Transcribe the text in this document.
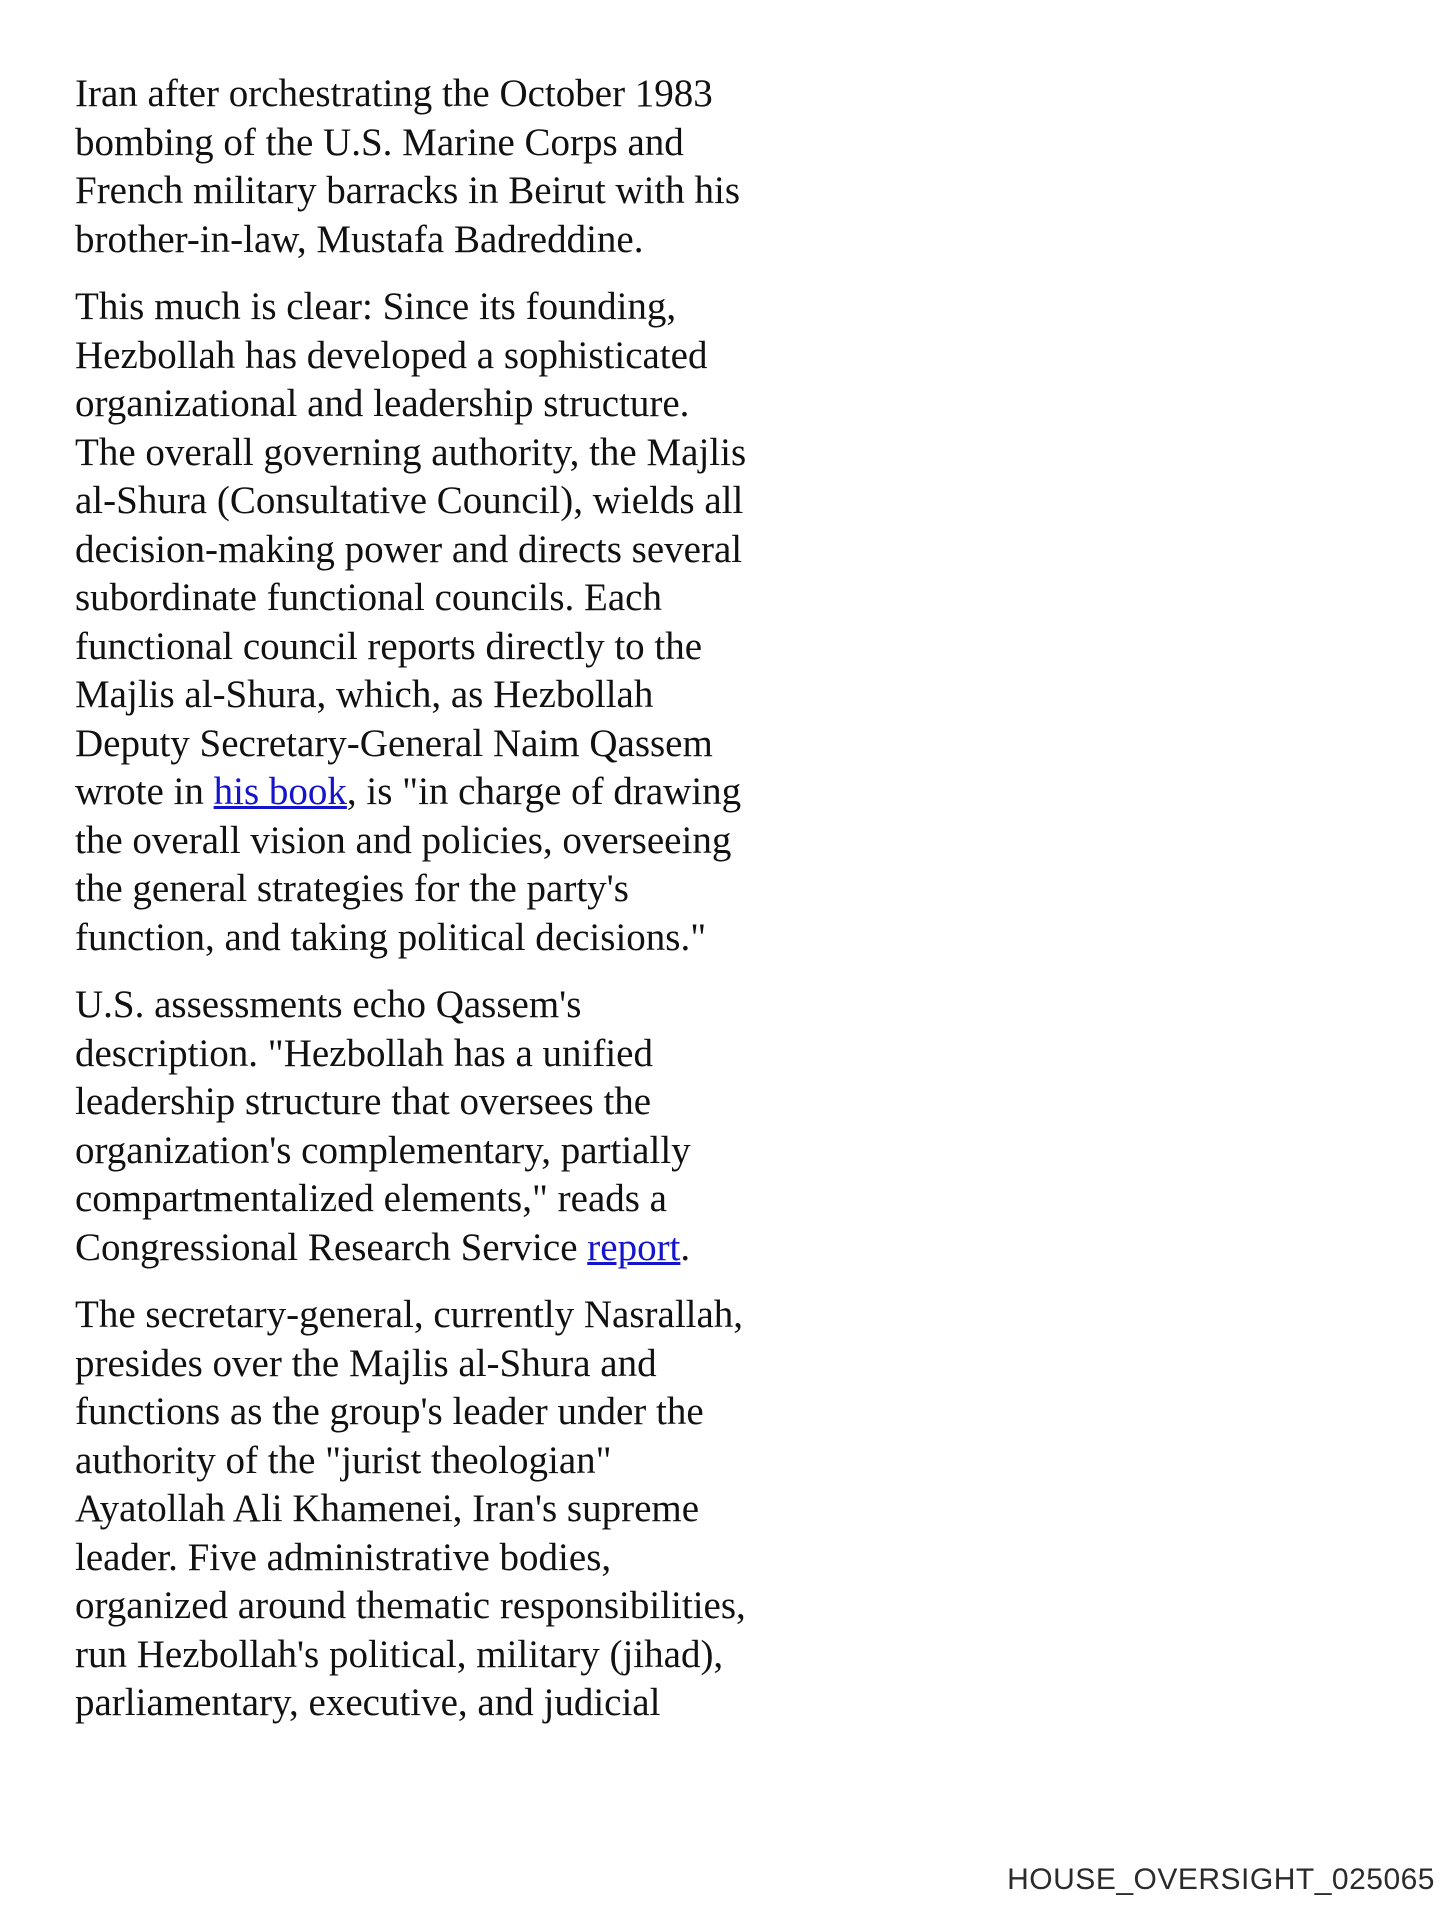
Iran after orchestrating the October 1983
bombing of the U.S. Marine Corps and
French military barracks in Beirut with his
brother-in-law, Mustafa Badreddine.

This much is clear: Since its founding,
Hezbollah has developed a sophisticated
organizational and leadership structure.
The overall governing authority, the Majlis
al-Shura (Consultative Council), wields all
decision-making power and directs several
subordinate functional councils. Each
functional council reports directly to the
Majlis al-Shura, which, as Hezbollah
Deputy Secretary-General Naim Qassem
wrote in his book, is "in charge of drawing
the overall vision and policies, overseeing
the general strategies for the party's
function, and taking political decisions."

U.S. assessments echo Qassem's
description. "Hezbollah has a unified
leadership structure that oversees the
organization's complementary, partially
compartmentalized elements," reads a
Congressional Research Service report.

The secretary-general, currently Nasrallah,
presides over the Majlis al-Shura and
functions as the group's leader under the
authority of the "jurist theologian"
Ayatollah Ali Khamenei, Iran's supreme
leader. Five administrative bodies,
organized around thematic responsibilities,
run Hezbollah's political, military (jihad),
parliamentary, executive, and judicial

HOUSE_OVERSIGHT_025065
